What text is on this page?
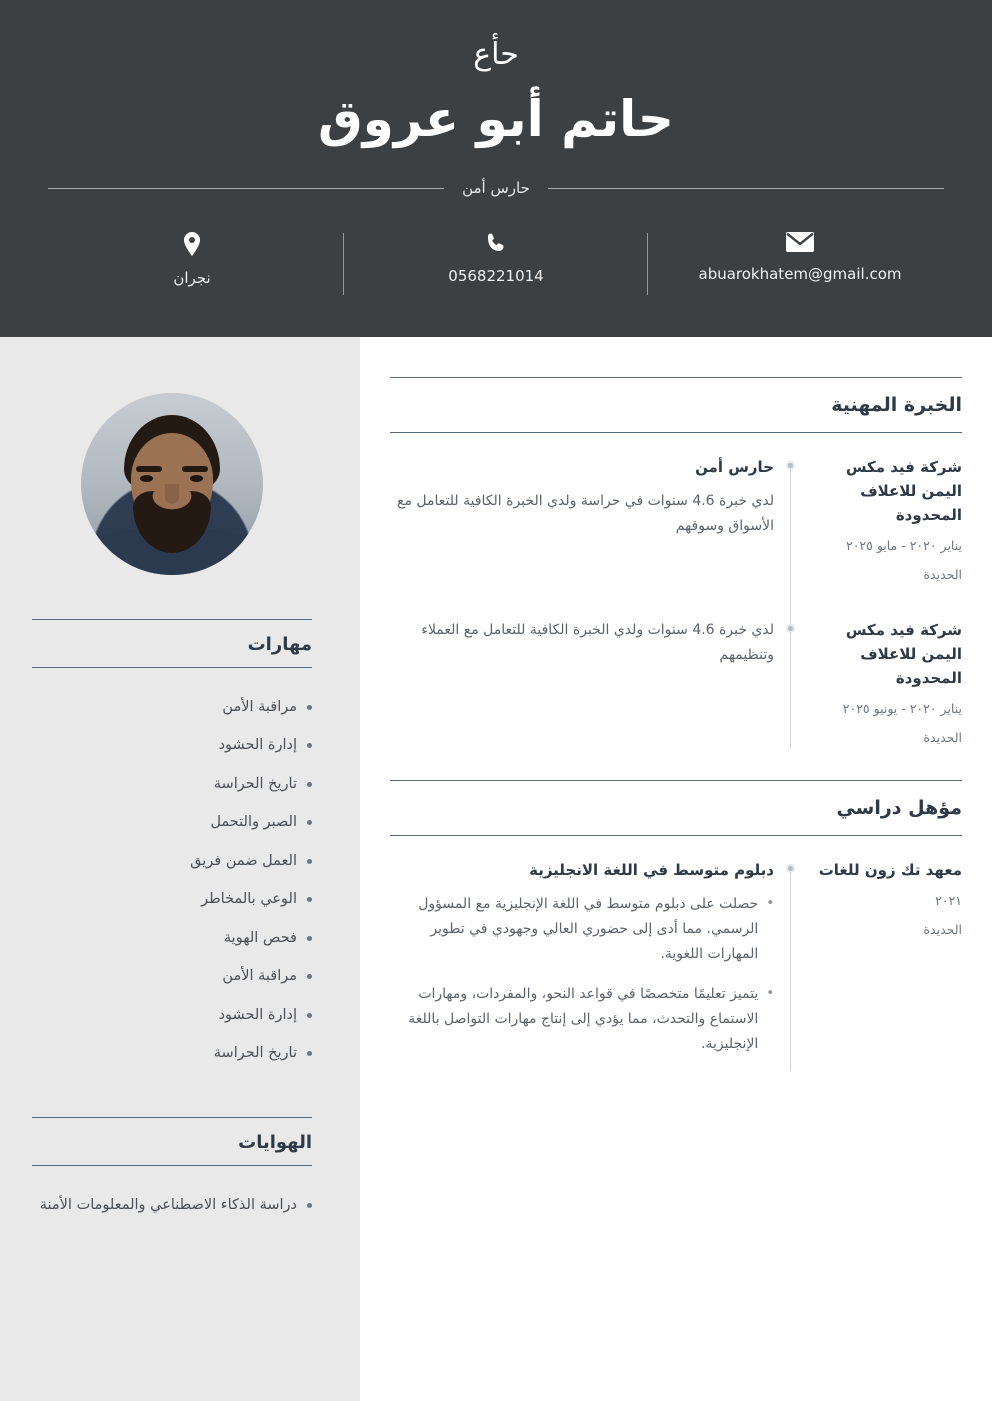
حأع
حاتم أبو عروق
حارس أمن
abuarokhatem@gmail.com
0568221014
نجران
الخبرة المهنية
شركة فيد مكس اليمن للاعلاف المحدودة
يناير ٢٠٢٠ - مايو ٢٠٢٥
الحديدة
حارس أمن
لدي خبرة 4.6 سنوات في حراسة ولدي الخبرة الكافية للتعامل مع الأسواق وسوقهم
شركة فيد مكس اليمن للاعلاف المحدودة
يناير ٢٠٢٠ - يونيو ٢٠٢٥
الحديدة
لدي خبرة 4.6 سنوات ولدي الخبرة الكافية للتعامل مع العملاء وتنظيمهم
مؤهل دراسي
معهد تك زون للغات
٢٠٢١
الحديدة
دبلوم متوسط في اللغة الانجليزية
•
حصلت على دبلوم متوسط في اللغة الإنجليزية مع المسؤول الرسمي. مما أدى إلى حضوري العالي وجهودي في تطوير المهارات اللغوية.
•
يتميز تعليمًا متخصصًا في قواعد النحو، والمفردات، ومهارات الاستماع والتحدث، مما يؤدي إلى إنتاج مهارات التواصل باللغة الإنجليزية.
مهارات
مراقبة الأمن
إدارة الحشود
تاريخ الحراسة
الصبر والتحمل
العمل ضمن فريق
الوعي بالمخاطر
فحص الهوية
مراقبة الأمن
إدارة الحشود
تاريخ الحراسة
الهوايات
دراسة الذكاء الاصطناعي والمعلومات الأمنة
